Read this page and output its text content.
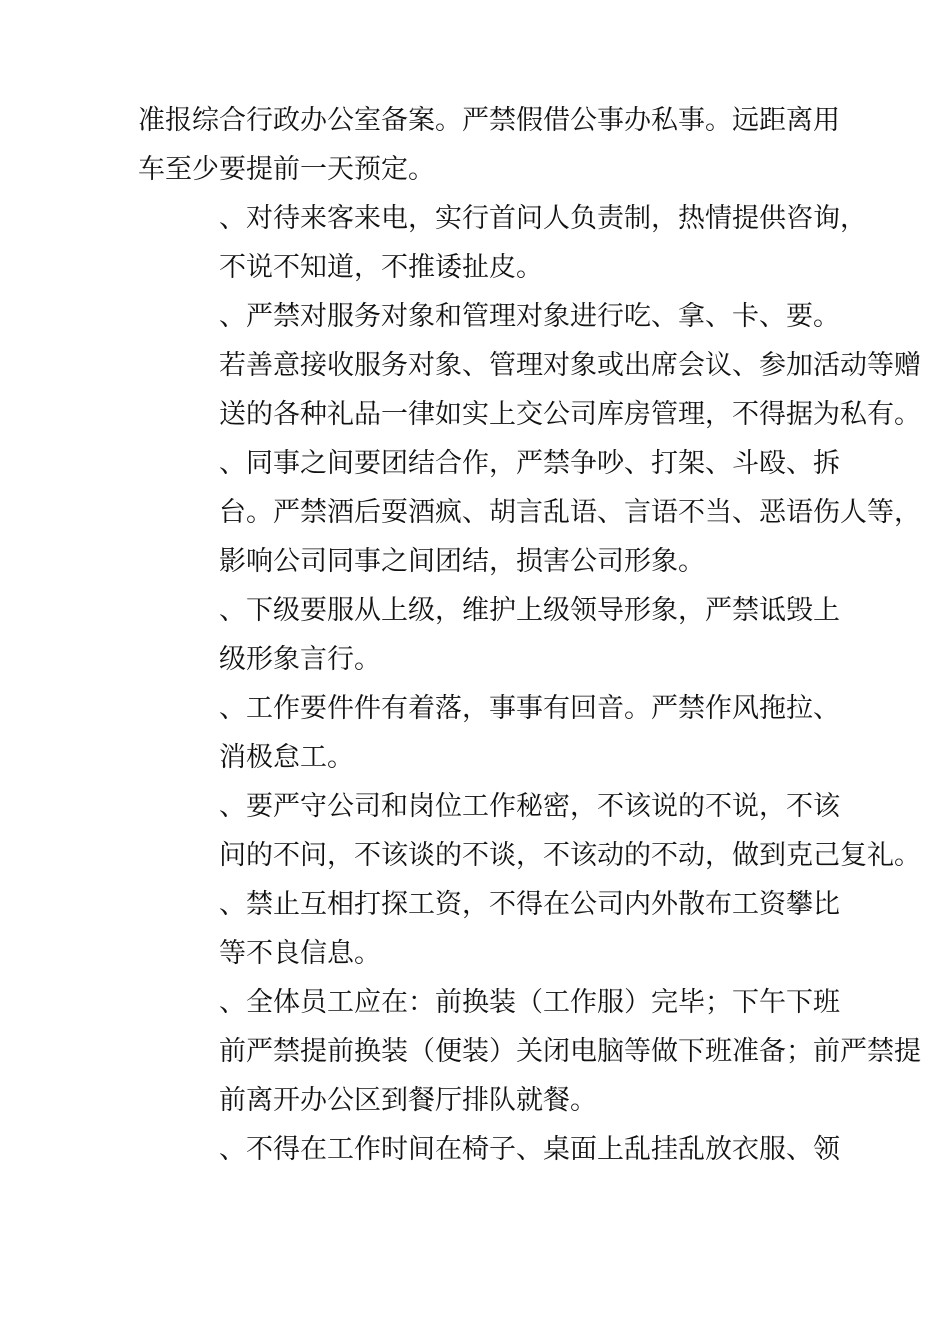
准报综合行政办公室备案。严禁假借公事办私事。远距离用
车至少要提前一天预定。

、对待来客来电，实行首问人负责制，热情提供咨询，
不说不知道，不推诿扯皮。

、严禁对服务对象和管理对象进行吃、拿、卡、要。
若善意接收服务对象、管理对象或出席会议、参加活动等赠
送的各种礼品一律如实上交公司库房管理，不得据为私有。

、同事之间要团结合作，严禁争吵、打架、斗殴、拆
台。严禁酒后耍酒疯、胡言乱语、言语不当、恶语伤人等，
影响公司同事之间团结，损害公司形象。

、下级要服从上级，维护上级领导形象，严禁诋毁上
级形象言行。

、工作要件件有着落，事事有回音。严禁作风拖拉、
消极怠工。

、要严守公司和岗位工作秘密，不该说的不说，不该
问的不问，不该谈的不谈，不该动的不动，做到克己复礼。

、禁止互相打探工资，不得在公司内外散布工资攀比
等不良信息。

、全体员工应在：前换装（工作服）完毕；下午下班
前严禁提前换装（便装）关闭电脑等做下班准备；前严禁提
前离开办公区到餐厅排队就餐。

、不得在工作时间在椅子、桌面上乱挂乱放衣服、领
